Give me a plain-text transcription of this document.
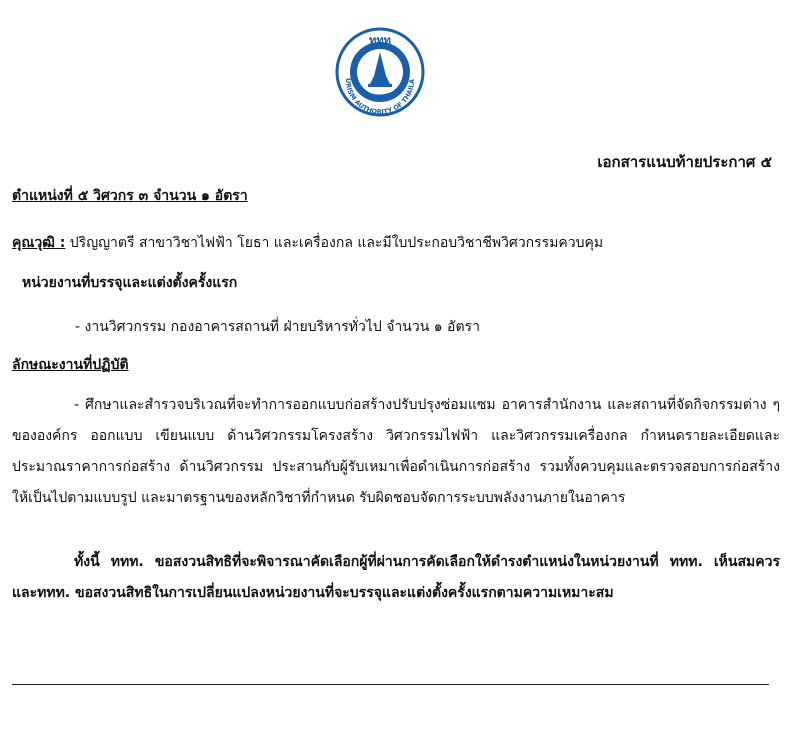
ททท
URISM AUTHORITY OF THAILA
เอกสารแนบท้ายประกาศ ๕
ตำแหน่งที่ ๕ วิศวกร ๓ จำนวน ๑ อัตรา
คุณวุฒิ : ปริญญาตรี สาขาวิชาไฟฟ้า โยธา และเครื่องกล และมีใบประกอบวิชาชีพวิศวกรรมควบคุม
หน่วยงานที่บรรจุและแต่งตั้งครั้งแรก
- งานวิศวกรรม กองอาคารสถานที่ ฝ่ายบริหารทั่วไป จำนวน ๑ อัตรา
ลักษณะงานที่ปฏิบัติ
- ศึกษาและสำรวจบริเวณที่จะทำการออกแบบก่อสร้างปรับปรุงซ่อมแซม อาคารสำนักงาน และสถานที่จัดกิจกรรมต่าง ๆ ขององค์กร ออกแบบ เขียนแบบ ด้านวิศวกรรมโครงสร้าง วิศวกรรมไฟฟ้า และวิศวกรรมเครื่องกล กำหนดรายละเอียดและประมาณราคาการก่อสร้าง ด้านวิศวกรรม ประสานกับผู้รับเหมาเพื่อดำเนินการก่อสร้าง รวมทั้งควบคุมและตรวจสอบการก่อสร้างให้เป็นไปตามแบบรูป และมาตรฐานของหลักวิชาที่กำหนด รับผิดชอบจัดการระบบพลังงานภายในอาคาร
ทั้งนี้ ททท. ขอสงวนสิทธิที่จะพิจารณาคัดเลือกผู้ที่ผ่านการคัดเลือกให้ดำรงตำแหน่งในหน่วยงานที่ ททท. เห็นสมควร และททท. ขอสงวนสิทธิในการเปลี่ยนแปลงหน่วยงานที่จะบรรจุและแต่งตั้งครั้งแรกตามความเหมาะสม
